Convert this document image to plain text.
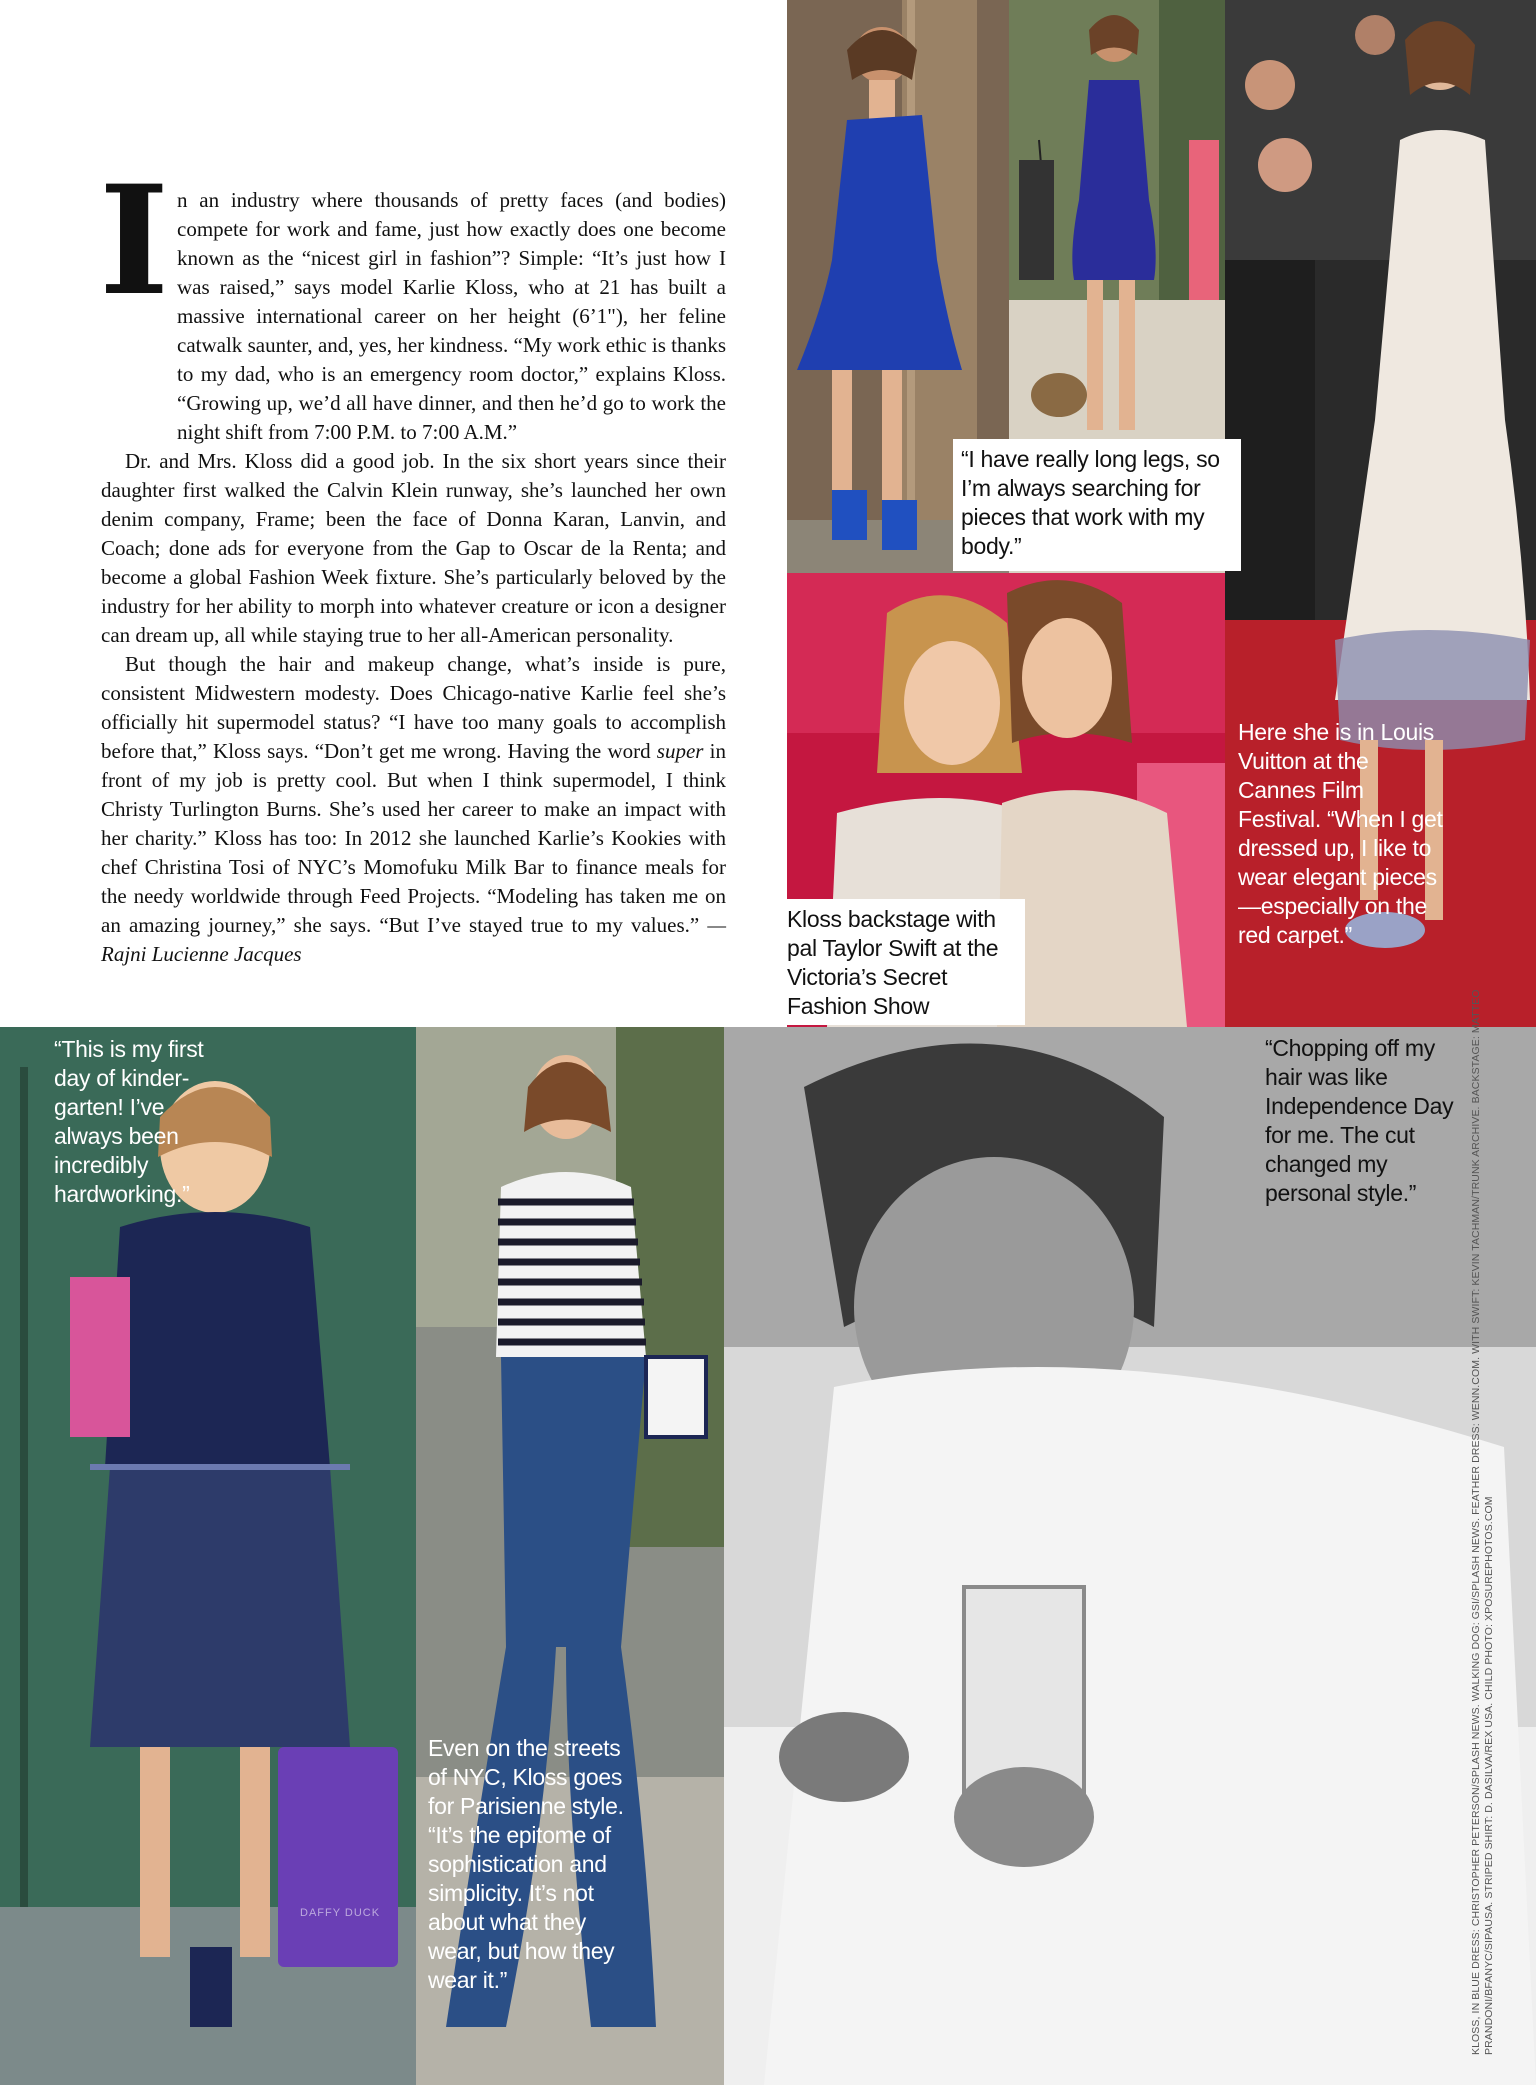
I n an industry where thousands of pretty faces (and bodies) compete for work and fame, just how exactly does one become known as the “nicest girl in fashion”? Simple: “It’s just how I was raised,” says model Karlie Kloss, who at 21 has built a massive international career on her height (6’1"), her feline catwalk saunter, and, yes, her kindness. “My work ethic is thanks to my dad, who is an emergency room doctor,” explains Kloss. “Growing up, we’d all have dinner, and then he’d go to work the night shift from 7:00 P.M. to 7:00 A.M.”

Dr. and Mrs. Kloss did a good job. In the six short years since their daughter first walked the Calvin Klein runway, she’s launched her own denim company, Frame; been the face of Donna Karan, Lanvin, and Coach; done ads for everyone from the Gap to Oscar de la Renta; and become a global Fashion Week fixture. She’s particularly beloved by the industry for her ability to morph into whatever creature or icon a designer can dream up, all while staying true to her all-American personality.

But though the hair and makeup change, what’s inside is pure, consistent Midwestern modesty. Does Chicago-native Karlie feel she’s officially hit supermodel status? “I have too many goals to accomplish before that,” Kloss says. “Don’t get me wrong. Having the word super in front of my job is pretty cool. But when I think supermodel, I think Christy Turlington Burns. She’s used her career to make an impact with her charity.” Kloss has too: In 2012 she launched Karlie’s Kookies with chef Christina Tosi of NYC’s Momofuku Milk Bar to finance meals for the needy worldwide through Feed Projects. “Modeling has taken me on an amazing journey,” she says. “But I’ve stayed true to my values.” —Rajni Lucienne Jacques

DAFFY DUCK
“I have really long legs, so I’m always searching for pieces that work with my body.”
Kloss backstage with pal Taylor Swift at the Victoria’s Secret Fashion Show
Here she is in Louis Vuitton at the Cannes Film Festival. “When I get dressed up, I like to wear elegant pieces—especially on the red carpet.”
“This is my first day of kinder-garten! I’ve always been incredibly hardworking.”
Even on the streets of NYC, Kloss goes for Parisienne style. “It’s the epitome of sophistication and simplicity. It’s not about what they wear, but how they wear it.”
“Chopping off my hair was like Independence Day for me. The cut changed my personal style.”	KLOSS, IN BLUE DRESS: CHRISTOPHER PETERSON/SPLASH NEWS. WALKING DOG: GSI/SPLASH NEWS. FEATHER DRESS: WENN.COM. WITH SWIFT: KEVIN TACHMAN/TRUNK ARCHIVE. BACKSTAGE: MATTEO PRANDONI/BFANYC/SIPAUSA. STRIPED SHIRT: D. DASILVA/REX USA. CHILD PHOTO: XPOSUREPHOTOS.COM
